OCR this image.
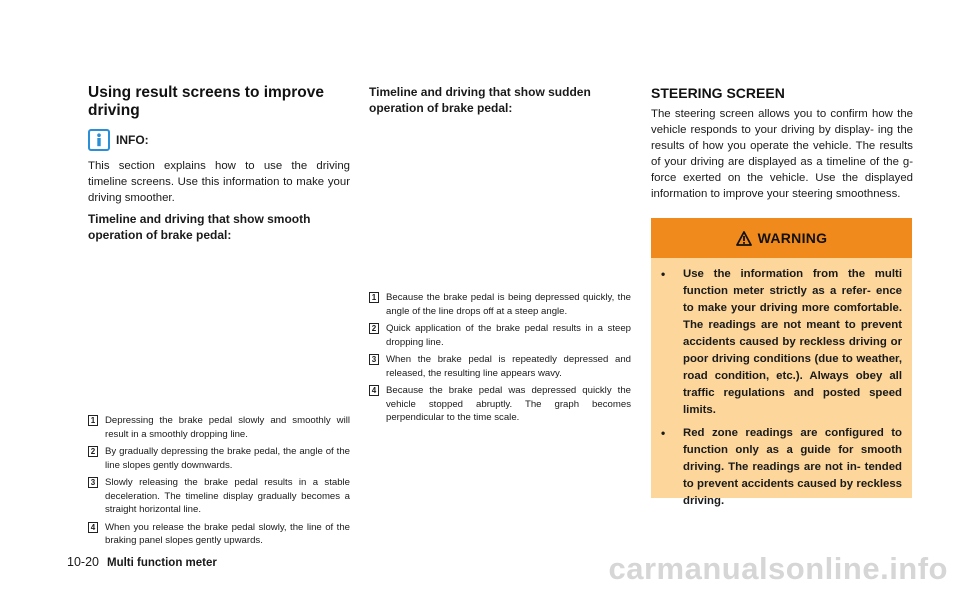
Using result screens to improve driving
INFO:

This section explains how to use the driving timeline screens. Use this information to make your driving smoother.

Timeline and driving that show smooth operation of brake pedal:

1 Depressing the brake pedal slowly and smoothly will result in a smoothly dropping line.
2 By gradually depressing the brake pedal, the angle of the line slopes gently downwards.
3 Slowly releasing the brake pedal results in a stable deceleration. The timeline display gradually becomes a straight horizontal line.
4 When you release the brake pedal slowly, the line of the braking panel slopes gently upwards.

Timeline and driving that show sudden operation of brake pedal:

1 Because the brake pedal is being depressed quickly, the angle of the line drops off at a steep angle.
2 Quick application of the brake pedal results in a steep dropping line.
3 When the brake pedal is repeatedly depressed and released, the resulting line appears wavy.
4 Because the brake pedal was depressed quickly the vehicle stopped abruptly. The graph becomes perpendicular to the time scale.
STEERING SCREEN

The steering screen allows you to confirm how the vehicle responds to your driving by display- ing the results of how you operate the vehicle. The results of your driving are displayed as a timeline of the g-force exerted on the vehicle. Use the displayed information to improve your steering smoothness.

WARNING
•	Use the information from the multi function meter strictly as a refer- ence to make your driving more comfortable. The readings are not meant to prevent accidents caused by reckless driving or poor driving conditions (due to weather, road condition, etc.). Always obey all traffic regulations and posted speed limits.
•	Red zone readings are configured to function only as a guide for smooth driving. The readings are not in- tended to prevent accidents caused by reckless driving.
10-20 Multi function meter	carmanualsonline.info
